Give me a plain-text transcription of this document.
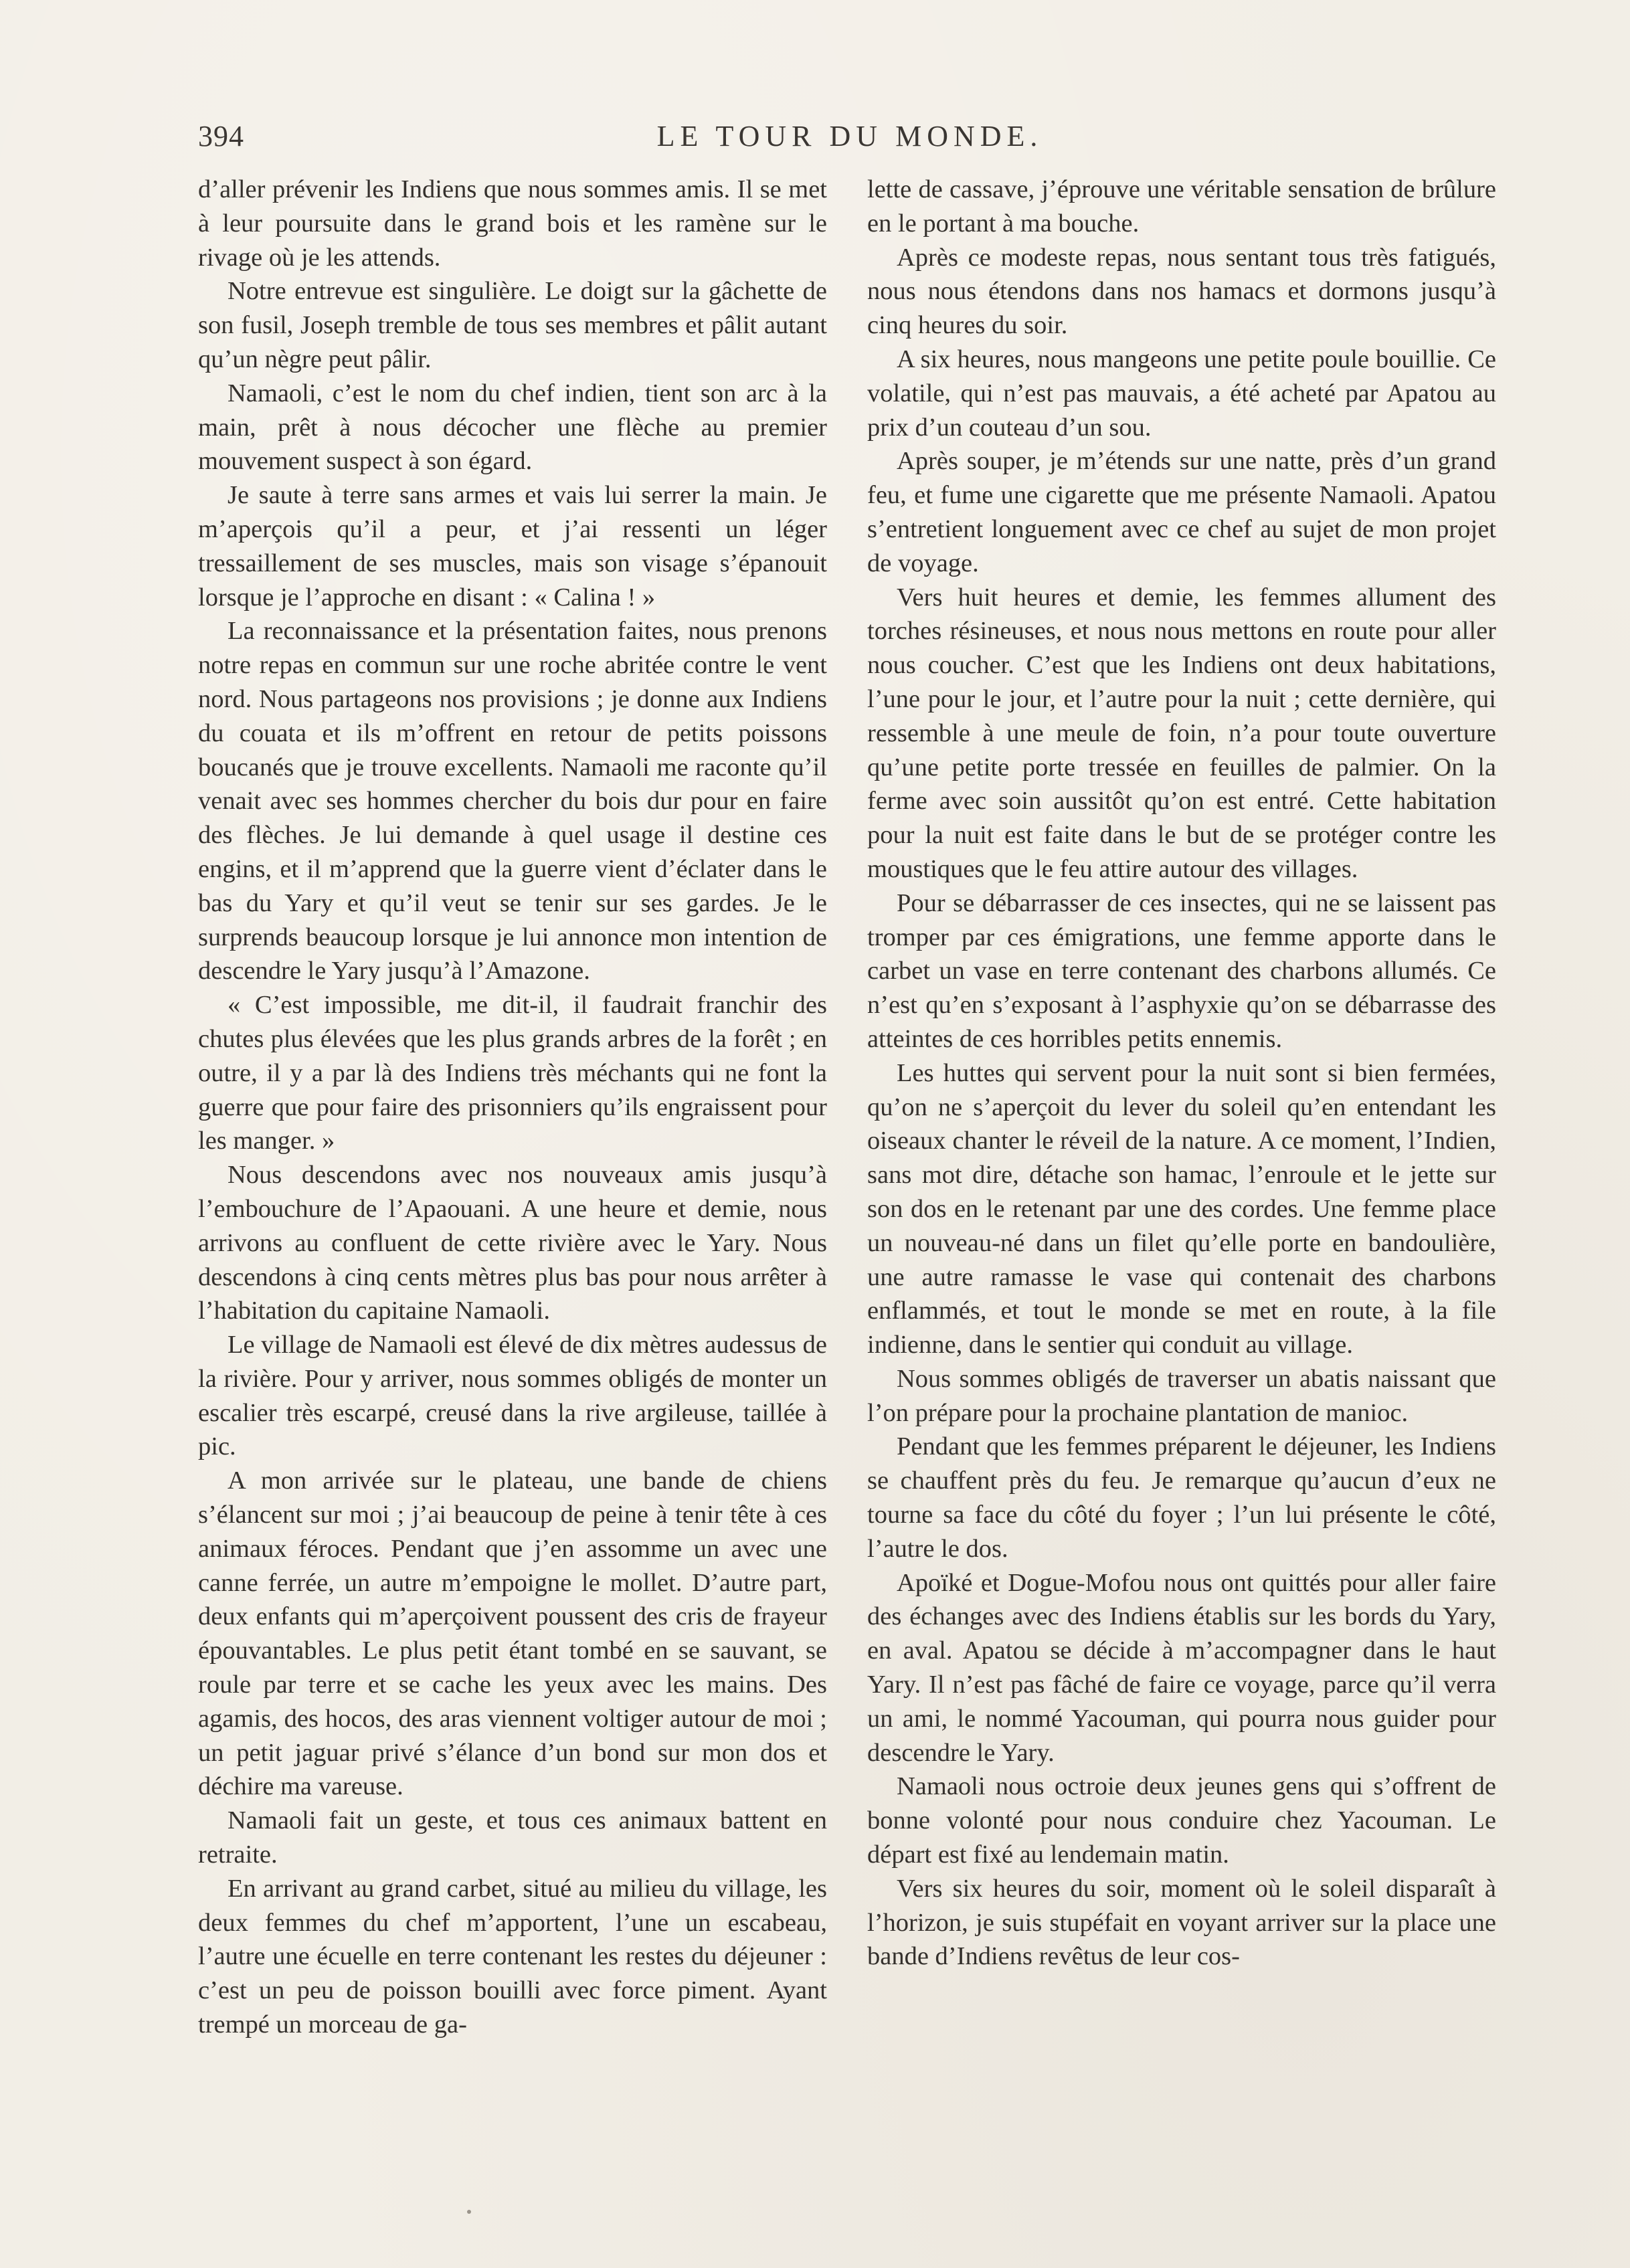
394	LE TOUR DU MONDE.

d’aller prévenir les Indiens que nous sommes amis. Il se met à leur poursuite dans le grand bois et les ramène sur le rivage où je les attends.

Notre entrevue est singulière. Le doigt sur la gâchette de son fusil, Joseph tremble de tous ses membres et pâlit autant qu’un nègre peut pâlir.

Namaoli, c’est le nom du chef indien, tient son arc à la main, prêt à nous décocher une flèche au premier mouvement suspect à son égard.

Je saute à terre sans armes et vais lui serrer la main. Je m’aperçois qu’il a peur, et j’ai ressenti un léger tressaillement de ses muscles, mais son visage s’épanouit lorsque je l’approche en disant : « Calina ! »

La reconnaissance et la présentation faites, nous prenons notre repas en commun sur une roche abritée contre le vent nord. Nous partageons nos provisions ; je donne aux Indiens du couata et ils m’offrent en retour de petits poissons boucanés que je trouve excellents. Namaoli me raconte qu’il venait avec ses hommes chercher du bois dur pour en faire des flèches. Je lui demande à quel usage il destine ces engins, et il m’apprend que la guerre vient d’éclater dans le bas du Yary et qu’il veut se tenir sur ses gardes. Je le surprends beaucoup lorsque je lui annonce mon intention de descendre le Yary jusqu’à l’Amazone.

« C’est impossible, me dit-il, il faudrait franchir des chutes plus élevées que les plus grands arbres de la forêt ; en outre, il y a par là des Indiens très méchants qui ne font la guerre que pour faire des prisonniers qu’ils engraissent pour les manger. »

Nous descendons avec nos nouveaux amis jusqu’à l’embouchure de l’Apaouani. A une heure et demie, nous arrivons au confluent de cette rivière avec le Yary. Nous descendons à cinq cents mètres plus bas pour nous arrêter à l’habitation du capitaine Namaoli.

Le village de Namaoli est élevé de dix mètres audessus de la rivière. Pour y arriver, nous sommes obligés de monter un escalier très escarpé, creusé dans la rive argileuse, taillée à pic.

A mon arrivée sur le plateau, une bande de chiens s’élancent sur moi ; j’ai beaucoup de peine à tenir tête à ces animaux féroces. Pendant que j’en assomme un avec une canne ferrée, un autre m’empoigne le mollet. D’autre part, deux enfants qui m’aperçoivent poussent des cris de frayeur épouvantables. Le plus petit étant tombé en se sauvant, se roule par terre et se cache les yeux avec les mains. Des agamis, des hocos, des aras viennent voltiger autour de moi ; un petit jaguar privé s’élance d’un bond sur mon dos et déchire ma vareuse.

Namaoli fait un geste, et tous ces animaux battent en retraite.

En arrivant au grand carbet, situé au milieu du village, les deux femmes du chef m’apportent, l’une un escabeau, l’autre une écuelle en terre contenant les restes du déjeuner : c’est un peu de poisson bouilli avec force piment. Ayant trempé un morceau de ga-

lette de cassave, j’éprouve une véritable sensation de brûlure en le portant à ma bouche.

Après ce modeste repas, nous sentant tous très fatigués, nous nous étendons dans nos hamacs et dormons jusqu’à cinq heures du soir.

A six heures, nous mangeons une petite poule bouillie. Ce volatile, qui n’est pas mauvais, a été acheté par Apatou au prix d’un couteau d’un sou.

Après souper, je m’étends sur une natte, près d’un grand feu, et fume une cigarette que me présente Namaoli. Apatou s’entretient longuement avec ce chef au sujet de mon projet de voyage.

Vers huit heures et demie, les femmes allument des torches résineuses, et nous nous mettons en route pour aller nous coucher. C’est que les Indiens ont deux habitations, l’une pour le jour, et l’autre pour la nuit ; cette dernière, qui ressemble à une meule de foin, n’a pour toute ouverture qu’une petite porte tressée en feuilles de palmier. On la ferme avec soin aussitôt qu’on est entré. Cette habitation pour la nuit est faite dans le but de se protéger contre les moustiques que le feu attire autour des villages.

Pour se débarrasser de ces insectes, qui ne se laissent pas tromper par ces émigrations, une femme apporte dans le carbet un vase en terre contenant des charbons allumés. Ce n’est qu’en s’exposant à l’asphyxie qu’on se débarrasse des atteintes de ces horribles petits ennemis.

Les huttes qui servent pour la nuit sont si bien fermées, qu’on ne s’aperçoit du lever du soleil qu’en entendant les oiseaux chanter le réveil de la nature. A ce moment, l’Indien, sans mot dire, détache son hamac, l’enroule et le jette sur son dos en le retenant par une des cordes. Une femme place un nouveau-né dans un filet qu’elle porte en bandoulière, une autre ramasse le vase qui contenait des charbons enflammés, et tout le monde se met en route, à la file indienne, dans le sentier qui conduit au village.

Nous sommes obligés de traverser un abatis naissant que l’on prépare pour la prochaine plantation de manioc.

Pendant que les femmes préparent le déjeuner, les Indiens se chauffent près du feu. Je remarque qu’aucun d’eux ne tourne sa face du côté du foyer ; l’un lui présente le côté, l’autre le dos.

Apoïké et Dogue-Mofou nous ont quittés pour aller faire des échanges avec des Indiens établis sur les bords du Yary, en aval. Apatou se décide à m’accompagner dans le haut Yary. Il n’est pas fâché de faire ce voyage, parce qu’il verra un ami, le nommé Yacouman, qui pourra nous guider pour descendre le Yary.

Namaoli nous octroie deux jeunes gens qui s’offrent de bonne volonté pour nous conduire chez Yacouman. Le départ est fixé au lendemain matin.

Vers six heures du soir, moment où le soleil disparaît à l’horizon, je suis stupéfait en voyant arriver sur la place une bande d’Indiens revêtus de leur cos-
